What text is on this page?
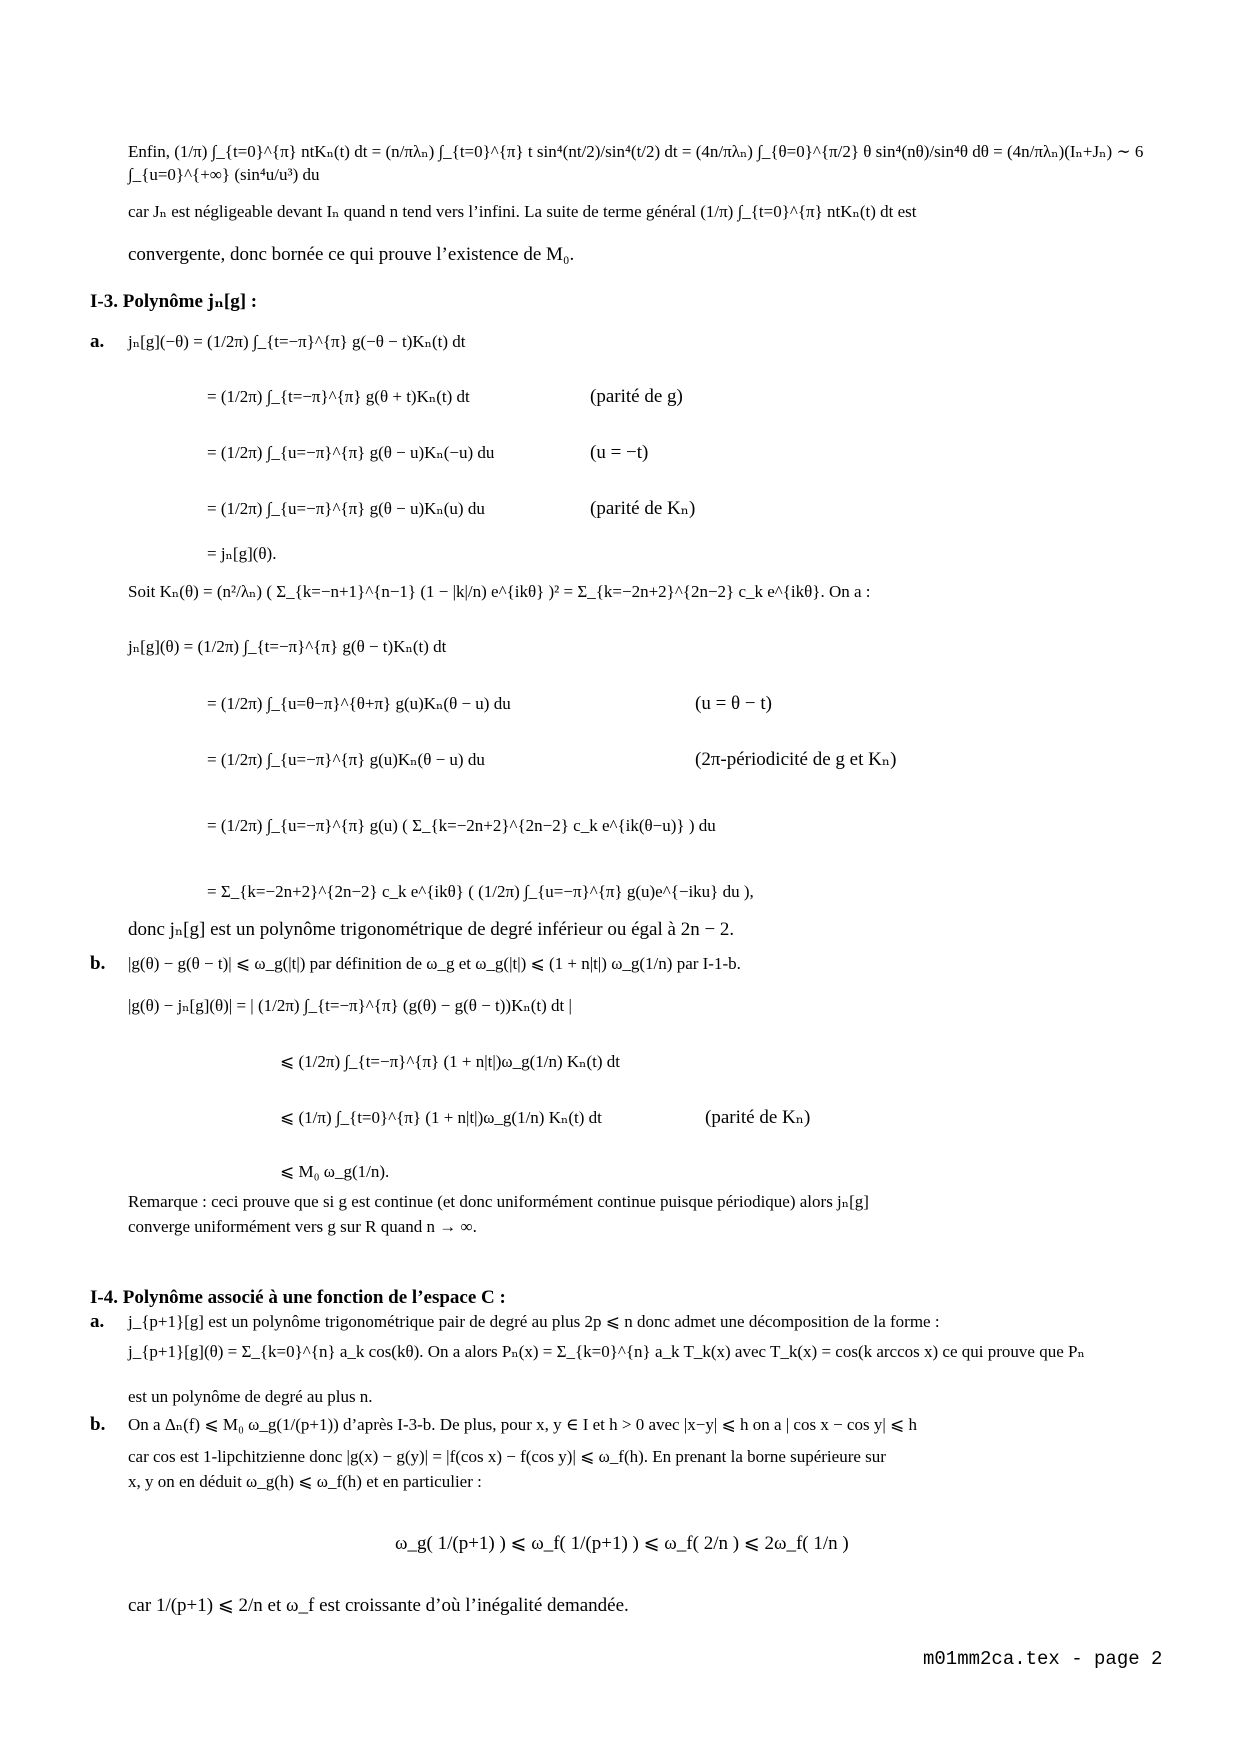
Enfin, (1/π) ∫_{t=0}^{π} ntKₙ(t) dt = (n/πλₙ) ∫_{t=0}^{π} t sin⁴(nt/2)/sin⁴(t/2) dt = (4n/πλₙ) ∫_{θ=0}^{π/2} θ sin⁴(nθ)/sin⁴θ dθ = (4n/πλₙ)(Iₙ+Jₙ) ∼ 6 ∫_{u=0}^{+∞} (sin⁴u/u³) du
car Jₙ est négligeable devant Iₙ quand n tend vers l’infini. La suite de terme général (1/π) ∫_{t=0}^{π} ntKₙ(t) dt est
convergente, donc bornée ce qui prouve l’existence de M₀.
I-3. Polynôme jₙ[g] :
a. jₙ[g](−θ) = (1/2π) ∫_{t=−π}^{π} g(−θ − t)Kₙ(t) dt
= (1/2π) ∫_{t=−π}^{π} g(θ + t)Kₙ(t) dt	(parité de g)
= (1/2π) ∫_{u=−π}^{π} g(θ − u)Kₙ(−u) du	(u = −t)
= (1/2π) ∫_{u=−π}^{π} g(θ − u)Kₙ(u) du	(parité de Kₙ)
= jₙ[g](θ).
Soit Kₙ(θ) = (n²/λₙ) ( Σ_{k=−n+1}^{n−1} (1 − |k|/n) e^{ikθ} )² = Σ_{k=−2n+2}^{2n−2} c_k e^{ikθ}. On a :
jₙ[g](θ) = (1/2π) ∫_{t=−π}^{π} g(θ − t)Kₙ(t) dt
= (1/2π) ∫_{u=θ−π}^{θ+π} g(u)Kₙ(θ − u) du	(u = θ − t)
= (1/2π) ∫_{u=−π}^{π} g(u)Kₙ(θ − u) du	(2π-périodicité de g et Kₙ)
= (1/2π) ∫_{u=−π}^{π} g(u) ( Σ_{k=−2n+2}^{2n−2} c_k e^{ik(θ−u)} ) du
= Σ_{k=−2n+2}^{2n−2} c_k e^{ikθ} ( (1/2π) ∫_{u=−π}^{π} g(u)e^{−iku} du ),
donc jₙ[g] est un polynôme trigonométrique de degré inférieur ou égal à 2n − 2.
b. |g(θ) − g(θ − t)| ⩽ ω_g(|t|) par définition de ω_g et ω_g(|t|) ⩽ (1 + n|t|) ω_g(1/n) par I-1-b.
|g(θ) − jₙ[g](θ)| = | (1/2π) ∫_{t=−π}^{π} (g(θ) − g(θ − t))Kₙ(t) dt |
⩽ (1/2π) ∫_{t=−π}^{π} (1 + n|t|)ω_g(1/n) Kₙ(t) dt
⩽ (1/π) ∫_{t=0}^{π} (1 + n|t|)ω_g(1/n) Kₙ(t) dt	(parité de Kₙ)
⩽ M₀ ω_g(1/n).
Remarque : ceci prouve que si g est continue (et donc uniformément continue puisque périodique) alors jₙ[g]
converge uniformément vers g sur R quand n → ∞.
I-4. Polynôme associé à une fonction de l’espace C :
a. j_{p+1}[g] est un polynôme trigonométrique pair de degré au plus 2p ⩽ n donc admet une décomposition de la forme :
j_{p+1}[g](θ) = Σ_{k=0}^{n} a_k cos(kθ). On a alors Pₙ(x) = Σ_{k=0}^{n} a_k T_k(x) avec T_k(x) = cos(k arccos x) ce qui prouve que Pₙ
est un polynôme de degré au plus n.
b. On a Δₙ(f) ⩽ M₀ ω_g(1/(p+1)) d’après I-3-b. De plus, pour x, y ∈ I et h > 0 avec |x−y| ⩽ h on a | cos x − cos y| ⩽ h
car cos est 1-lipchitzienne donc |g(x) − g(y)| = |f(cos x) − f(cos y)| ⩽ ω_f(h). En prenant la borne supérieure sur
x, y on en déduit ω_g(h) ⩽ ω_f(h) et en particulier :
ω_g( 1/(p+1) ) ⩽ ω_f( 1/(p+1) ) ⩽ ω_f( 2/n ) ⩽ 2ω_f( 1/n )
car 1/(p+1) ⩽ 2/n et ω_f est croissante d’où l’inégalité demandée.
m01mm2ca.tex - page 2
